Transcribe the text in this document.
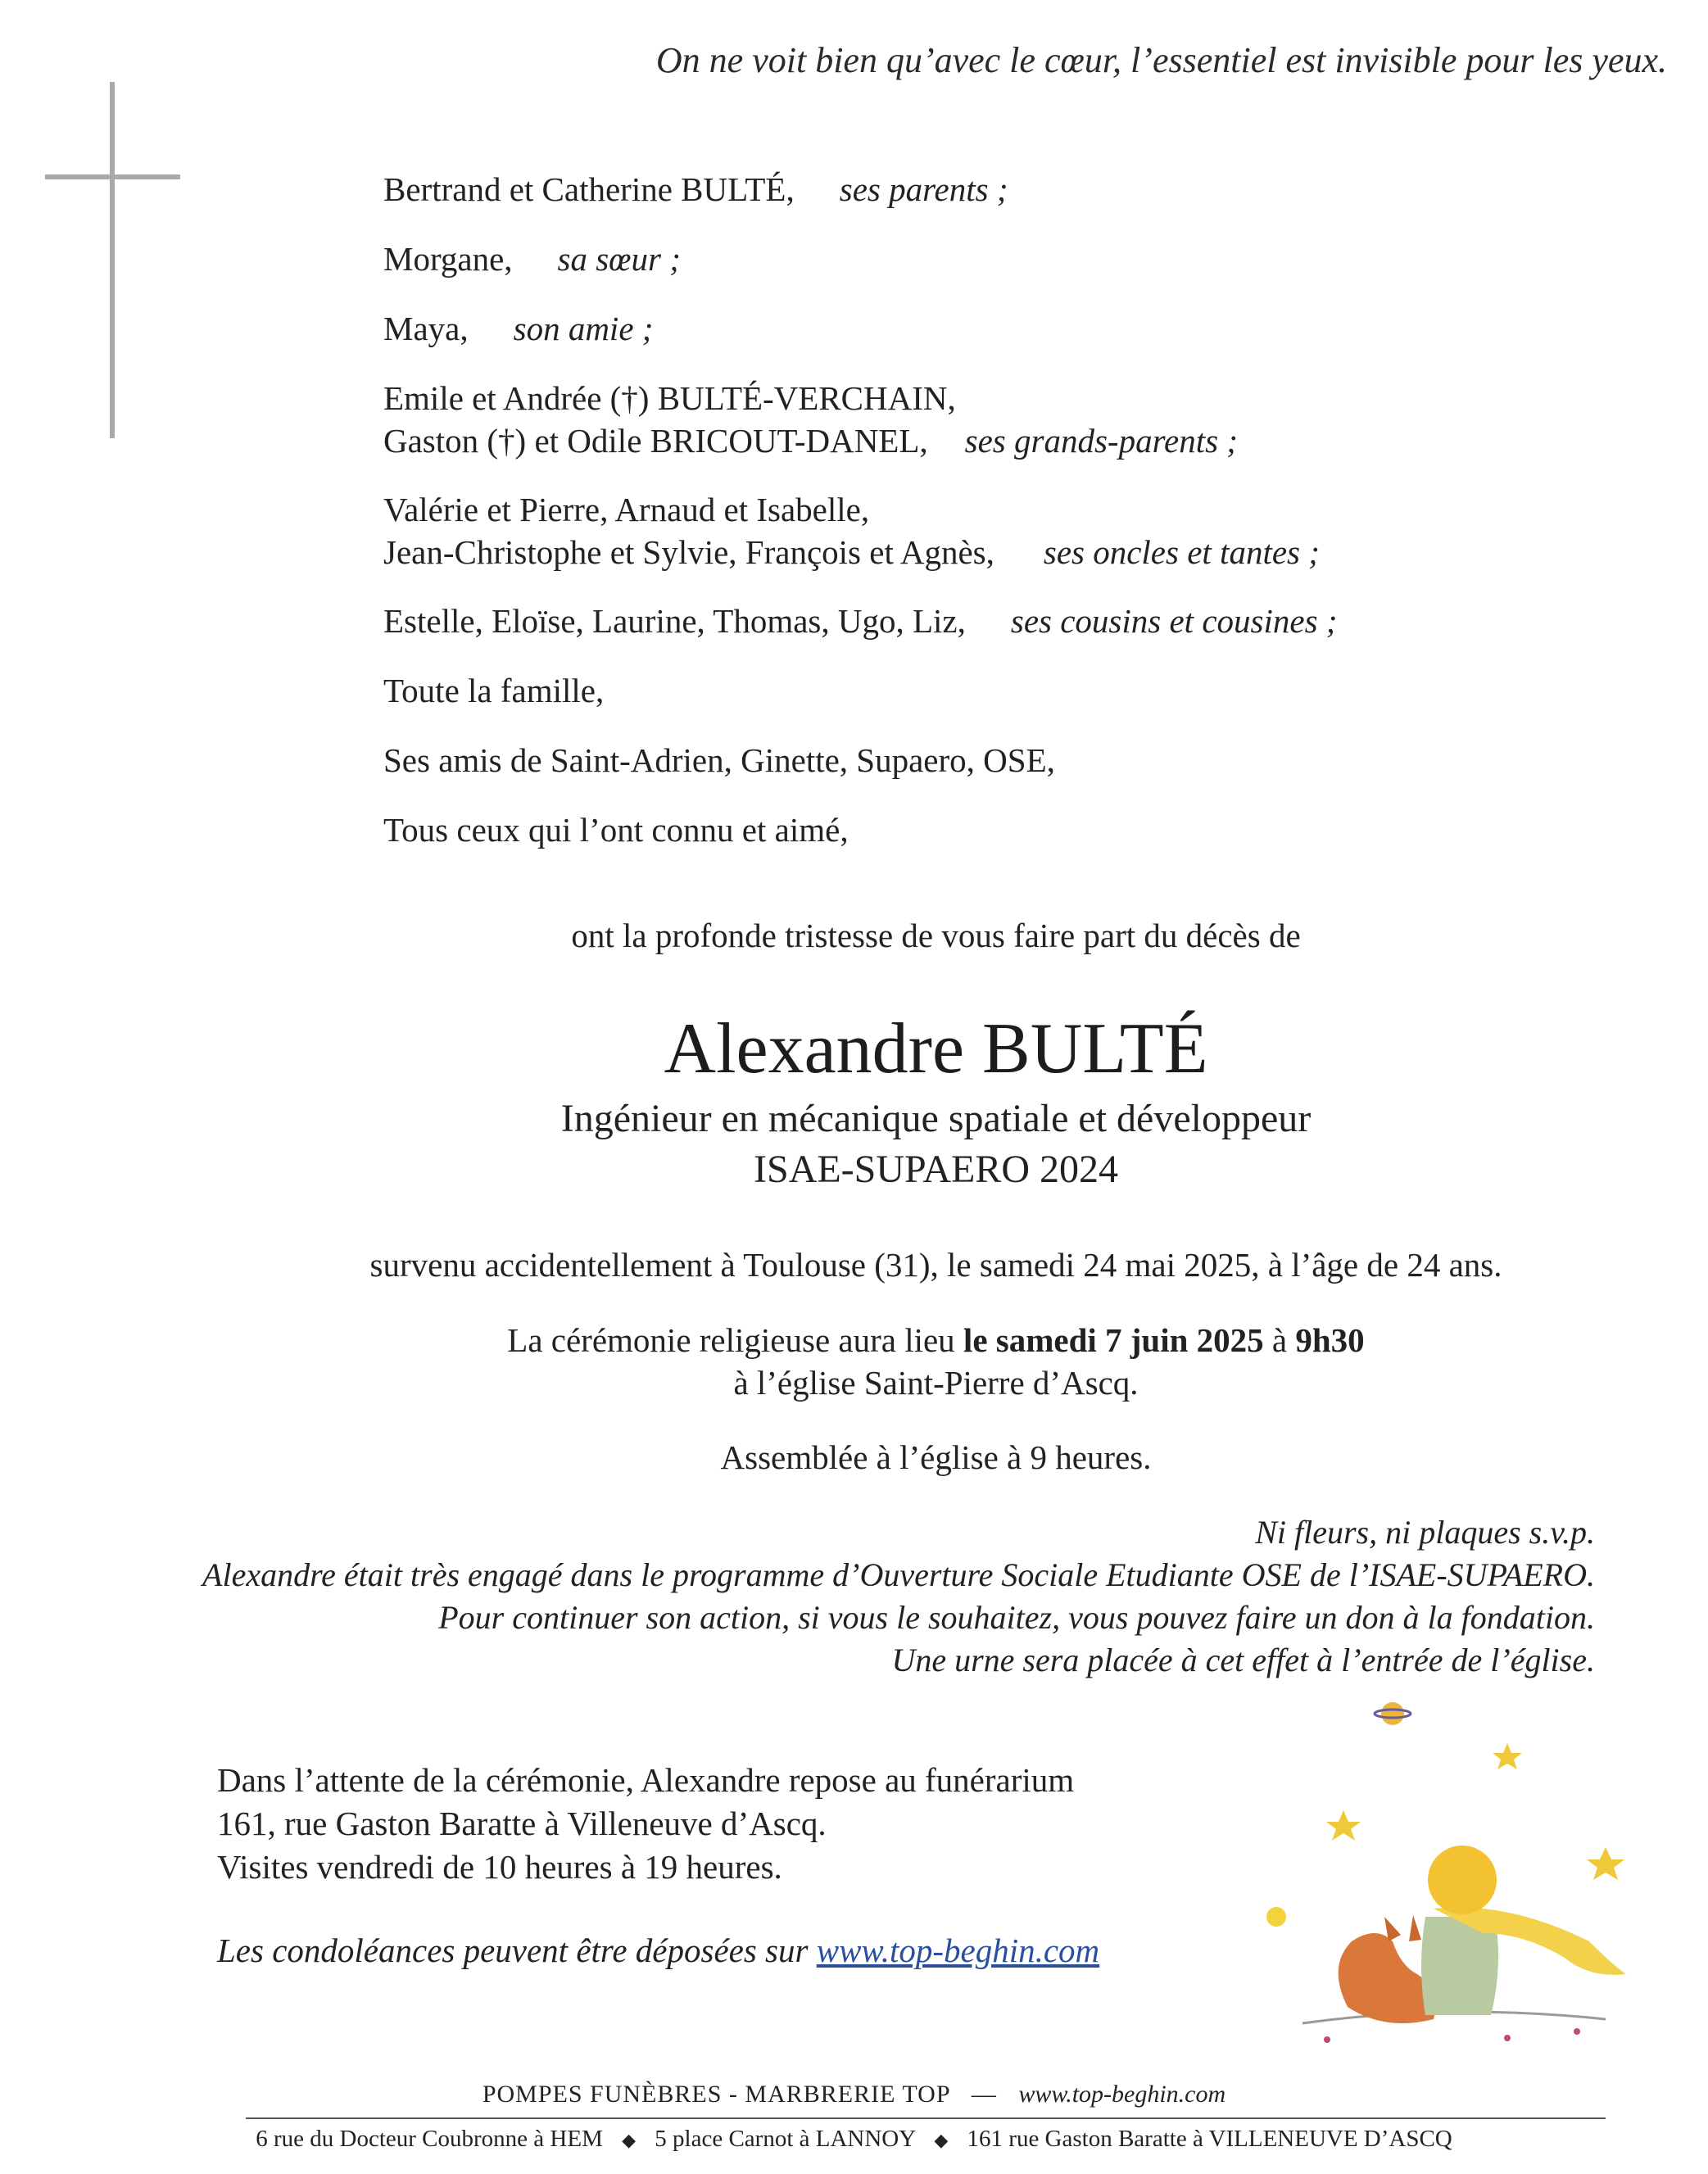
On ne voit bien qu’avec le cœur, l’essentiel est invisible pour les yeux.
Bertrand et Catherine BULTÉ, ses parents ;
Morgane, sa sœur ;
Maya, son amie ;
Emile et Andrée (†) BULTÉ-VERCHAIN,
Gaston (†) et Odile BRICOUT-DANEL, ses grands-parents ;
Valérie et Pierre, Arnaud et Isabelle,
Jean-Christophe et Sylvie, François et Agnès, ses oncles et tantes ;
Estelle, Eloïse, Laurine, Thomas, Ugo, Liz, ses cousins et cousines ;
Toute la famille,
Ses amis de Saint-Adrien, Ginette, Supaero, OSE,
Tous ceux qui l’ont connu et aimé,
ont la profonde tristesse de vous faire part du décès de
Alexandre BULTÉ
Ingénieur en mécanique spatiale et développeur
ISAE-SUPAERO 2024
survenu accidentellement à Toulouse (31), le samedi 24 mai 2025, à l’âge de 24 ans.
La cérémonie religieuse aura lieu le samedi 7 juin 2025 à 9h30
à l’église Saint-Pierre d’Ascq.
Assemblée à l’église à 9 heures.
Ni fleurs, ni plaques s.v.p.
Alexandre était très engagé dans le programme d’Ouverture Sociale Etudiante OSE de l’ISAE-SUPAERO.
Pour continuer son action, si vous le souhaitez, vous pouvez faire un don à la fondation.
Une urne sera placée à cet effet à l’entrée de l’église.
Dans l’attente de la cérémonie, Alexandre repose au funérarium
161, rue Gaston Baratte à Villeneuve d’Ascq.
Visites vendredi de 10 heures à 19 heures.
Les condoléances peuvent être déposées sur www.top-beghin.com
POMPES FUNÈBRES - MARBRERIE TOP — www.top-beghin.com
6 rue du Docteur Coubronne à HEM ◆ 5 place Carnot à LANNOY ◆ 161 rue Gaston Baratte à VILLENEUVE D’ASCQ
